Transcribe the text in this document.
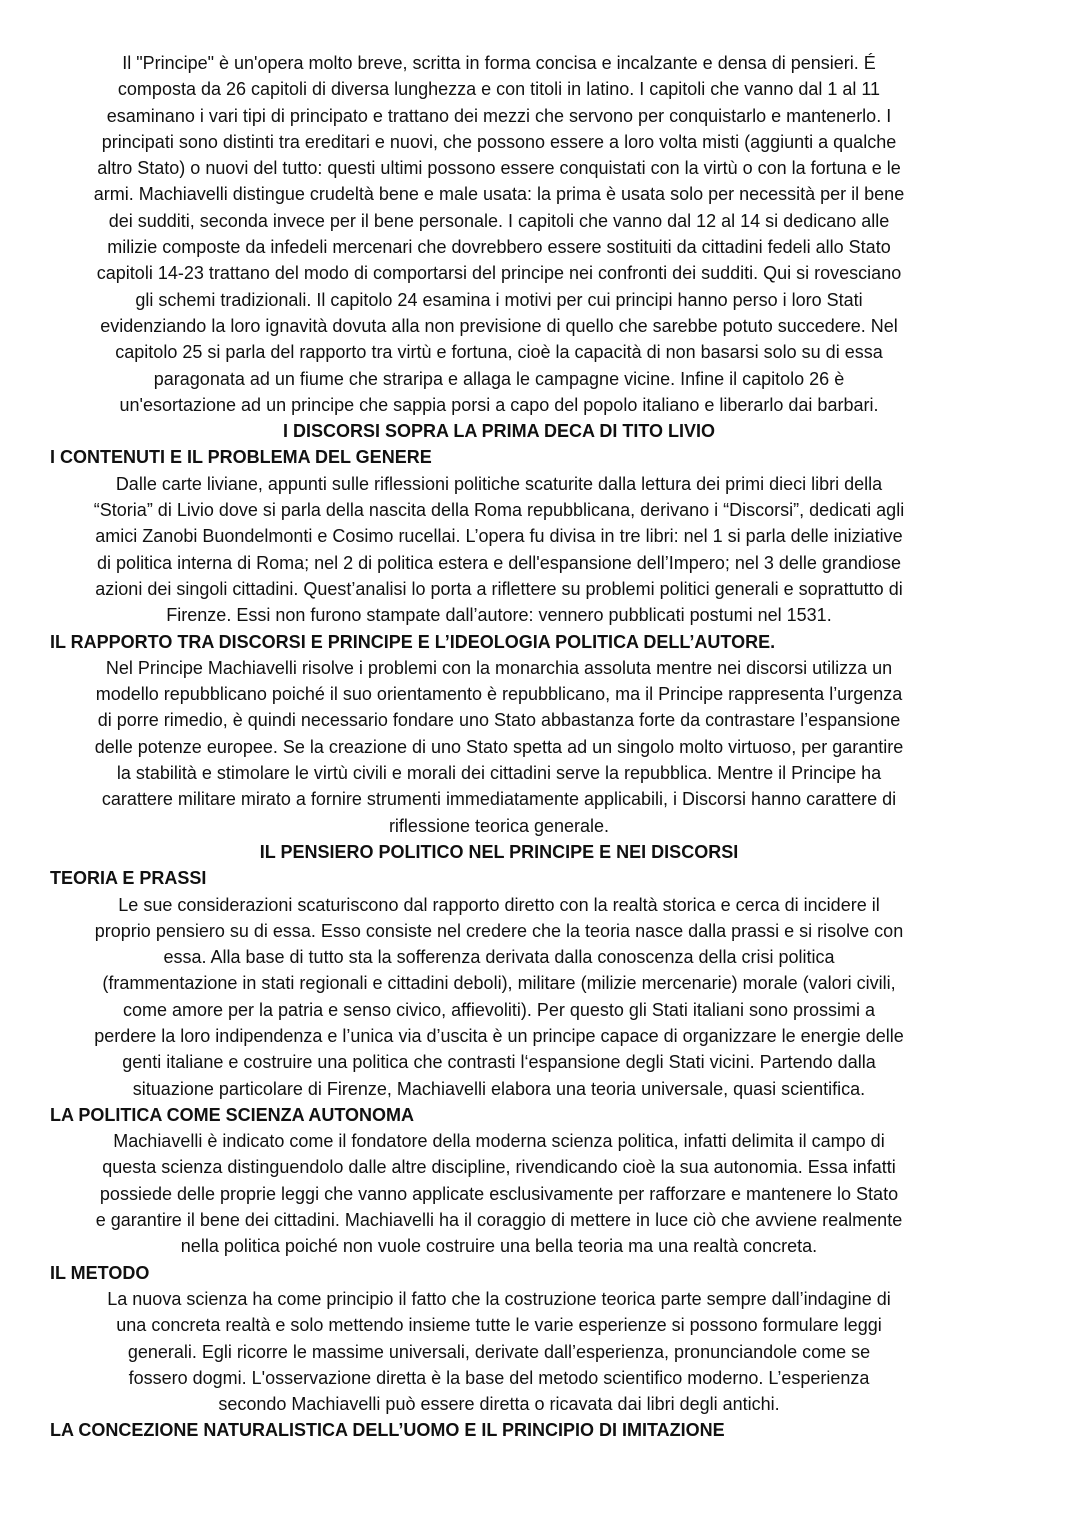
Il "Principe" è un'opera molto breve, scritta in forma concisa e incalzante e densa di pensieri. É
composta da 26 capitoli di diversa lunghezza e con titoli in latino. I capitoli che vanno dal 1 al 11
esaminano i vari tipi di principato e trattano dei mezzi che servono per conquistarlo e mantenerlo. I
principati sono distinti tra ereditari e nuovi, che possono essere a loro volta misti (aggiunti a qualche
altro Stato) o nuovi del tutto: questi ultimi possono essere conquistati con la virtù o con la fortuna e le
armi. Machiavelli distingue crudeltà bene e male usata: la prima è usata solo per necessità per il bene
dei sudditi, seconda invece per il bene personale. I capitoli che vanno dal 12 al 14 si dedicano alle
milizie composte da infedeli mercenari che dovrebbero essere sostituiti da cittadini fedeli allo Stato
capitoli 14-23 trattano del modo di comportarsi del principe nei confronti dei sudditi. Qui si rovesciano
gli schemi tradizionali. Il capitolo 24 esamina i motivi per cui principi hanno perso i loro Stati
evidenziando la loro ignavità dovuta alla non previsione di quello che sarebbe potuto succedere. Nel
capitolo 25 si parla del rapporto tra virtù e fortuna, cioè la capacità di non basarsi solo su di essa
paragonata ad un fiume che straripa e allaga le campagne vicine. Infine il capitolo 26 è
un'esortazione ad un principe che sappia porsi a capo del popolo italiano e liberarlo dai barbari.

I DISCORSI SOPRA LA PRIMA DECA DI TITO LIVIO

I CONTENUTI E IL PROBLEMA DEL GENERE

Dalle carte liviane, appunti sulle riflessioni politiche scaturite dalla lettura dei primi dieci libri della
“Storia” di Livio dove si parla della nascita della Roma repubblicana, derivano i “Discorsi”, dedicati agli
amici Zanobi Buondelmonti e Cosimo rucellai. L’opera fu divisa in tre libri: nel 1 si parla delle iniziative
di politica interna di Roma; nel 2 di politica estera e dell'espansione dell’Impero; nel 3 delle grandiose
azioni dei singoli cittadini. Quest’analisi lo porta a riflettere su problemi politici generali e soprattutto di
Firenze. Essi non furono stampate dall’autore: vennero pubblicati postumi nel 1531.

IL RAPPORTO TRA DISCORSI E PRINCIPE E L’IDEOLOGIA POLITICA DELL’AUTORE.

Nel Principe Machiavelli risolve i problemi con la monarchia assoluta mentre nei discorsi utilizza un
modello repubblicano poiché il suo orientamento è repubblicano, ma il Principe rappresenta l’urgenza
di porre rimedio, è quindi necessario fondare uno Stato abbastanza forte da contrastare l’espansione
delle potenze europee. Se la creazione di uno Stato spetta ad un singolo molto virtuoso, per garantire
la stabilità e stimolare le virtù civili e morali dei cittadini serve la repubblica. Mentre il Principe ha
carattere militare mirato a fornire strumenti immediatamente applicabili, i Discorsi hanno carattere di
riflessione teorica generale.

IL PENSIERO POLITICO NEL PRINCIPE E NEI DISCORSI

TEORIA E PRASSI

Le sue considerazioni scaturiscono dal rapporto diretto con la realtà storica e cerca di incidere il
proprio pensiero su di essa. Esso consiste nel credere che la teoria nasce dalla prassi e si risolve con
essa. Alla base di tutto sta la sofferenza derivata dalla conoscenza della crisi politica
(frammentazione in stati regionali e cittadini deboli), militare (milizie mercenarie) morale (valori civili,
come amore per la patria e senso civico, affievoliti). Per questo gli Stati italiani sono prossimi a
perdere la loro indipendenza e l’unica via d’uscita è un principe capace di organizzare le energie delle
genti italiane e costruire una politica che contrasti l‘espansione degli Stati vicini. Partendo dalla
situazione particolare di Firenze, Machiavelli elabora una teoria universale, quasi scientifica.

LA POLITICA COME SCIENZA AUTONOMA

Machiavelli è indicato come il fondatore della moderna scienza politica, infatti delimita il campo di
questa scienza distinguendolo dalle altre discipline, rivendicando cioè la sua autonomia. Essa infatti
possiede delle proprie leggi che vanno applicate esclusivamente per rafforzare e mantenere lo Stato
e garantire il bene dei cittadini. Machiavelli ha il coraggio di mettere in luce ciò che avviene realmente
nella politica poiché non vuole costruire una bella teoria ma una realtà concreta.

IL METODO

La nuova scienza ha come principio il fatto che la costruzione teorica parte sempre dall’indagine di
una concreta realtà e solo mettendo insieme tutte le varie esperienze si possono formulare leggi
generali. Egli ricorre le massime universali, derivate dall’esperienza, pronunciandole come se
fossero dogmi. L'osservazione diretta è la base del metodo scientifico moderno. L’esperienza
secondo Machiavelli può essere diretta o ricavata dai libri degli antichi.

LA CONCEZIONE NATURALISTICA DELL’UOMO E IL PRINCIPIO DI IMITAZIONE
